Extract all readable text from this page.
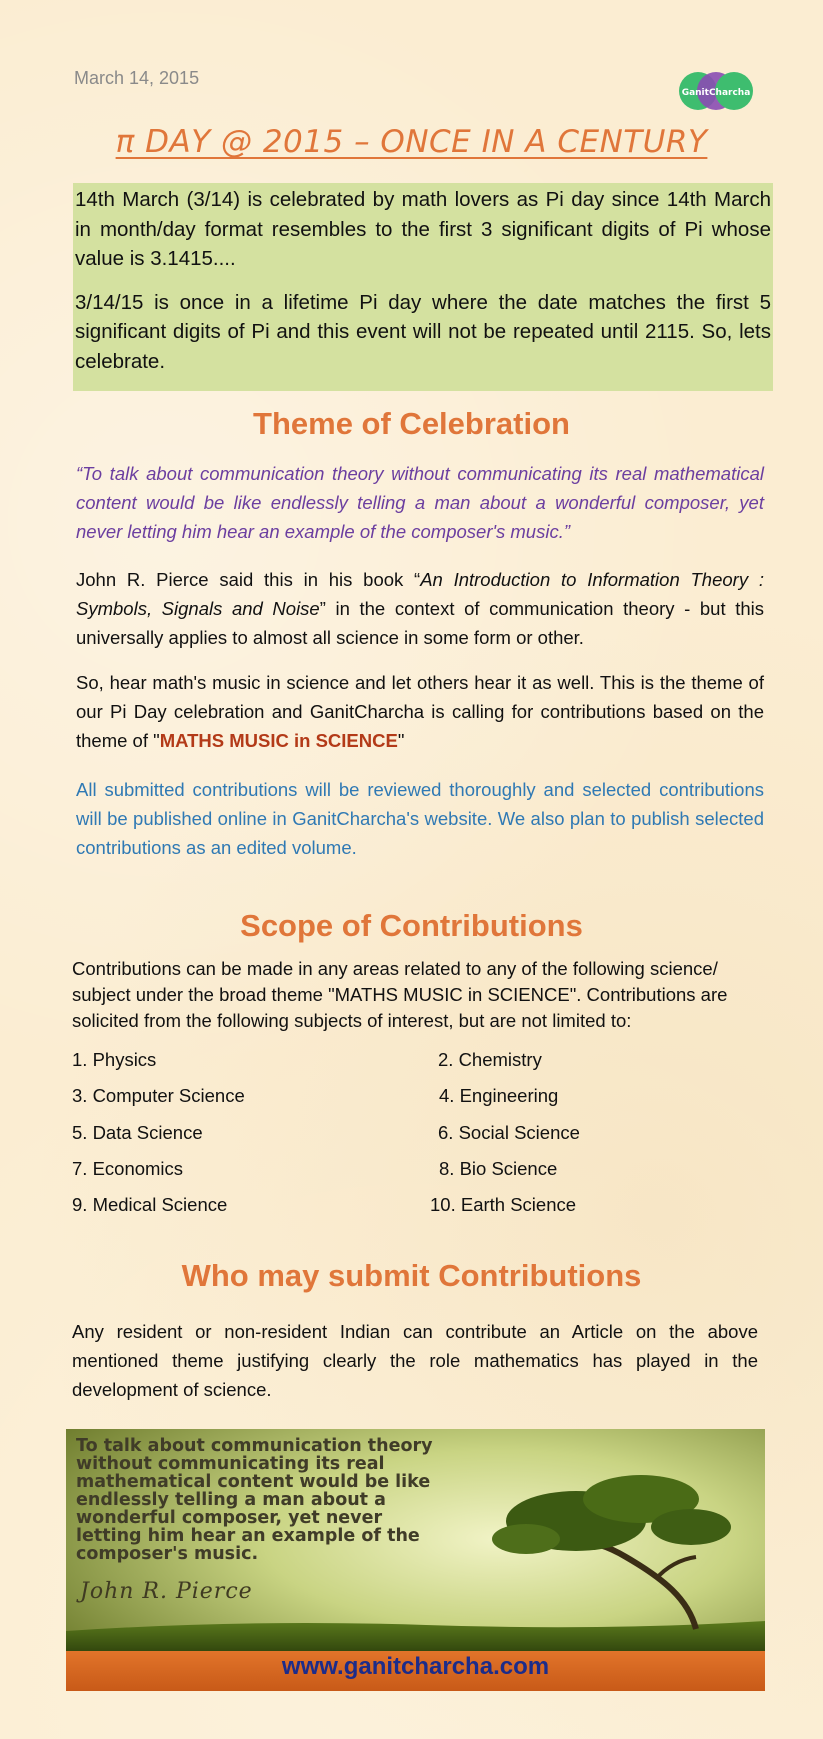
March 14, 2015
GanitCharcha
π DAY @ 2015 – ONCE IN A CENTURY

14th March (3/14) is celebrated by math lovers as Pi day since 14th March in month/day format resembles to the first 3 significant digits of Pi whose value is 3.1415....

3/14/15 is once in a lifetime Pi day where the date matches the first 5 significant digits of Pi and this event will not be repeated until 2115. So, lets celebrate.

Theme of Celebration
“To talk about communication theory without communicating its real mathematical content would be like endlessly telling a man about a wonderful composer, yet never letting him hear an example of the composer's music.”
John R. Pierce said this in his book “An Introduction to Information Theory : Symbols, Signals and Noise” in the context of communication theory - but this universally applies to almost all science in some form or other.
So, hear math's music in science and let others hear it as well. This is the theme of our Pi Day celebration and GanitCharcha is calling for contributions based on the theme of "MATHS MUSIC in SCIENCE"
All submitted contributions will be reviewed thoroughly and selected contributions will be published online in GanitCharcha's website. We also plan to publish selected contributions as an edited volume.
Scope of Contributions
Contributions can be made in any areas related to any of the following science/ subject under the broad theme "MATHS MUSIC in SCIENCE". Contributions are solicited from the following subjects of interest, but are not limited to:
1. Physics	2. Chemistry
3. Computer Science	4. Engineering
5. Data Science	6. Social Science
7. Economics	8. Bio Science
9. Medical Science	10. Earth Science
Who may submit Contributions
Any resident or non-resident Indian can contribute an Article on the above mentioned theme justifying clearly the role mathematics has played in the development of science.
To talk about communication theory
without communicating its real
mathematical content would be like
endlessly telling a man about a
wonderful composer, yet never
letting him hear an example of the
composer's music.
John R. Pierce
www.ganitcharcha.com
